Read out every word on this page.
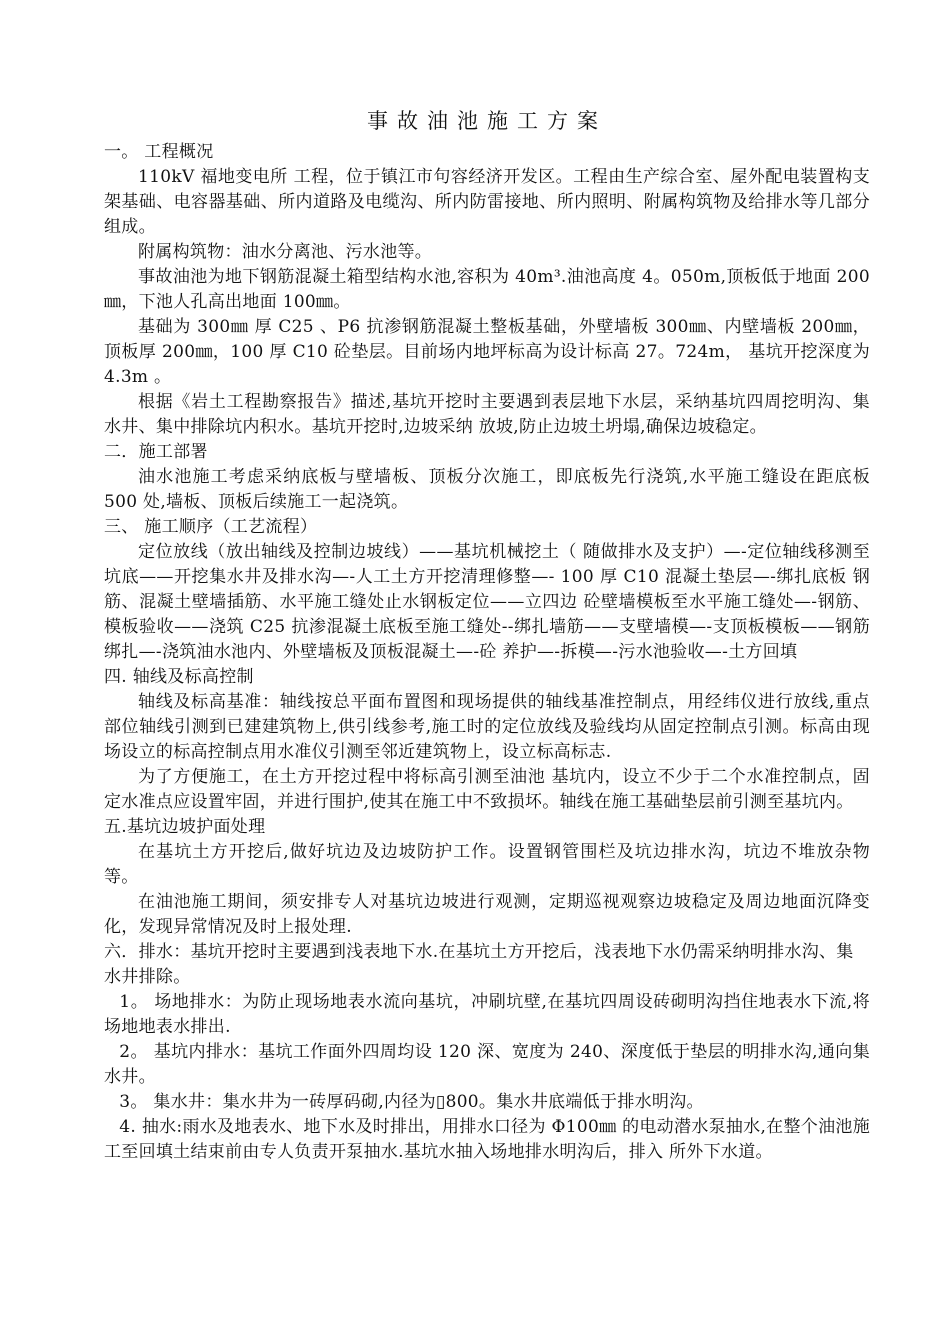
事故油池施工方案

一。 工程概况

110kV 福地变电所 工程，位于镇江市句容经济开发区。工程由生产综合室、屋外配电装置构支架基础、电容器基础、所内道路及电缆沟、所内防雷接地、所内照明、附属构筑物及给排水等几部分组成。

附属构筑物：油水分离池、污水池等。

事故油池为地下钢筋混凝土箱型结构水池,容积为 40m³.油池高度 4。050m,顶板低于地面 200㎜，下池人孔高出地面 100㎜。

基础为 300㎜ 厚 C25 、P6 抗渗钢筋混凝土整板基础，外壁墙板 300㎜、内壁墙板 200㎜，顶板厚 200㎜，100 厚 C10 砼垫层。目前场内地坪标高为设计标高 27。724m， 基坑开挖深度为 4.3m 。

根据《岩土工程勘察报告》描述,基坑开挖时主要遇到表层地下水层，采纳基坑四周挖明沟、集水井、集中排除坑内积水。基坑开挖时,边坡采纳 放坡,防止边坡土坍塌,确保边坡稳定。

二．施工部署

油水池施工考虑采纳底板与壁墙板、顶板分次施工，即底板先行浇筑,水平施工缝设在距底板 500 处,墙板、顶板后续施工一起浇筑。

三、 施工顺序（工艺流程）

定位放线（放出轴线及控制边坡线）——基坑机械挖土（ 随做排水及支护）—-定位轴线移测至坑底——开挖集水井及排水沟—-人工土方开挖清理修整—- 100 厚 C10 混凝土垫层—-绑扎底板 钢筋、混凝土壁墙插筋、水平施工缝处止水钢板定位——立四边 砼壁墙模板至水平施工缝处—-钢筋、模板验收——浇筑 C25 抗渗混凝土底板至施工缝处--绑扎墙筋——支壁墙模—-支顶板模板——钢筋绑扎—-浇筑油水池内、外壁墙板及顶板混凝土—-砼 养护—-拆模—-污水池验收—-土方回填

四. 轴线及标高控制

轴线及标高基准：轴线按总平面布置图和现场提供的轴线基准控制点，用经纬仪进行放线,重点部位轴线引测到已建建筑物上,供引线参考,施工时的定位放线及验线均从固定控制点引测。标高由现场设立的标高控制点用水准仪引测至邻近建筑物上，设立标高标志.

为了方便施工，在土方开挖过程中将标高引测至油池 基坑内，设立不少于二个水准控制点，固定水准点应设置牢固，并进行围护,使其在施工中不致损坏。轴线在施工基础垫层前引测至基坑内。

五.基坑边坡护面处理

在基坑土方开挖后,做好坑边及边坡防护工作。设置钢管围栏及坑边排水沟，坑边不堆放杂物等。

在油池施工期间，须安排专人对基坑边坡进行观测，定期巡视观察边坡稳定及周边地面沉降变化，发现异常情况及时上报处理.

六．排水：基坑开挖时主要遇到浅表地下水.在基坑土方开挖后，浅表地下水仍需采纳明排水沟、集水井排除。

1。 场地排水：为防止现场地表水流向基坑，冲刷坑壁,在基坑四周设砖砌明沟挡住地表水下流,将场地地表水排出.

2。 基坑内排水：基坑工作面外四周均设 120 深、宽度为 240、深度低于垫层的明排水沟,通向集水井。

3。 集水井：集水井为一砖厚码砌,内径为▯800。集水井底端低于排水明沟。

4. 抽水:雨水及地表水、地下水及时排出，用排水口径为 Φ100㎜ 的电动潜水泵抽水,在整个油池施工至回填土结束前由专人负责开泵抽水.基坑水抽入场地排水明沟后，排入 所外下水道。
